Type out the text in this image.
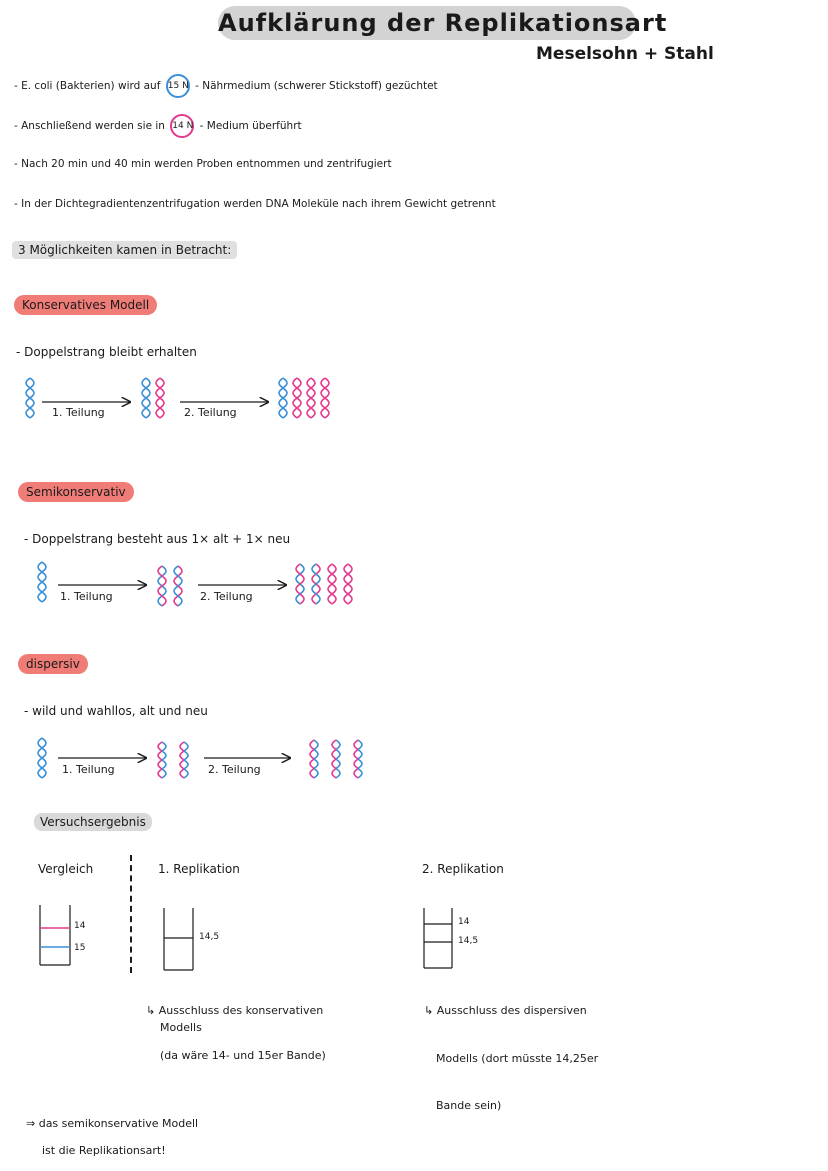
Aufklärung der Replikationsart
Meselsohn + Stahl
- E. coli (Bakterien) wird auf 15 N - Nährmedium (schwerer Stickstoff) gezüchtet
- Anschließend werden sie in 14 N - Medium überführt
- Nach 20 min und 40 min werden Proben entnommen und zentrifugiert
- In der Dichtegradientenzentrifugation werden DNA Moleküle nach ihrem Gewicht getrennt
3 Möglichkeiten kamen in Betracht:
Konservatives Modell
- Doppelstrang bleibt erhalten
1. Teilung	2. Teilung
Semikonservativ
- Doppelstrang besteht aus 1× alt + 1× neu
1. Teilung	2. Teilung
dispersiv
- wild und wahllos, alt und neu
1. Teilung	2. Teilung
Versuchsergebnis
Vergleich	1. Replikation	2. Replikation
14
15
14,5
14
14,5
↳ Ausschluss des konservativen
Modells
(da wäre 14- und 15er Bande)
↳ Ausschluss des dispersiven
Modells (dort müsste 14,25er
Bande sein)
⇒ das semikonservative Modell
ist die Replikationsart!
